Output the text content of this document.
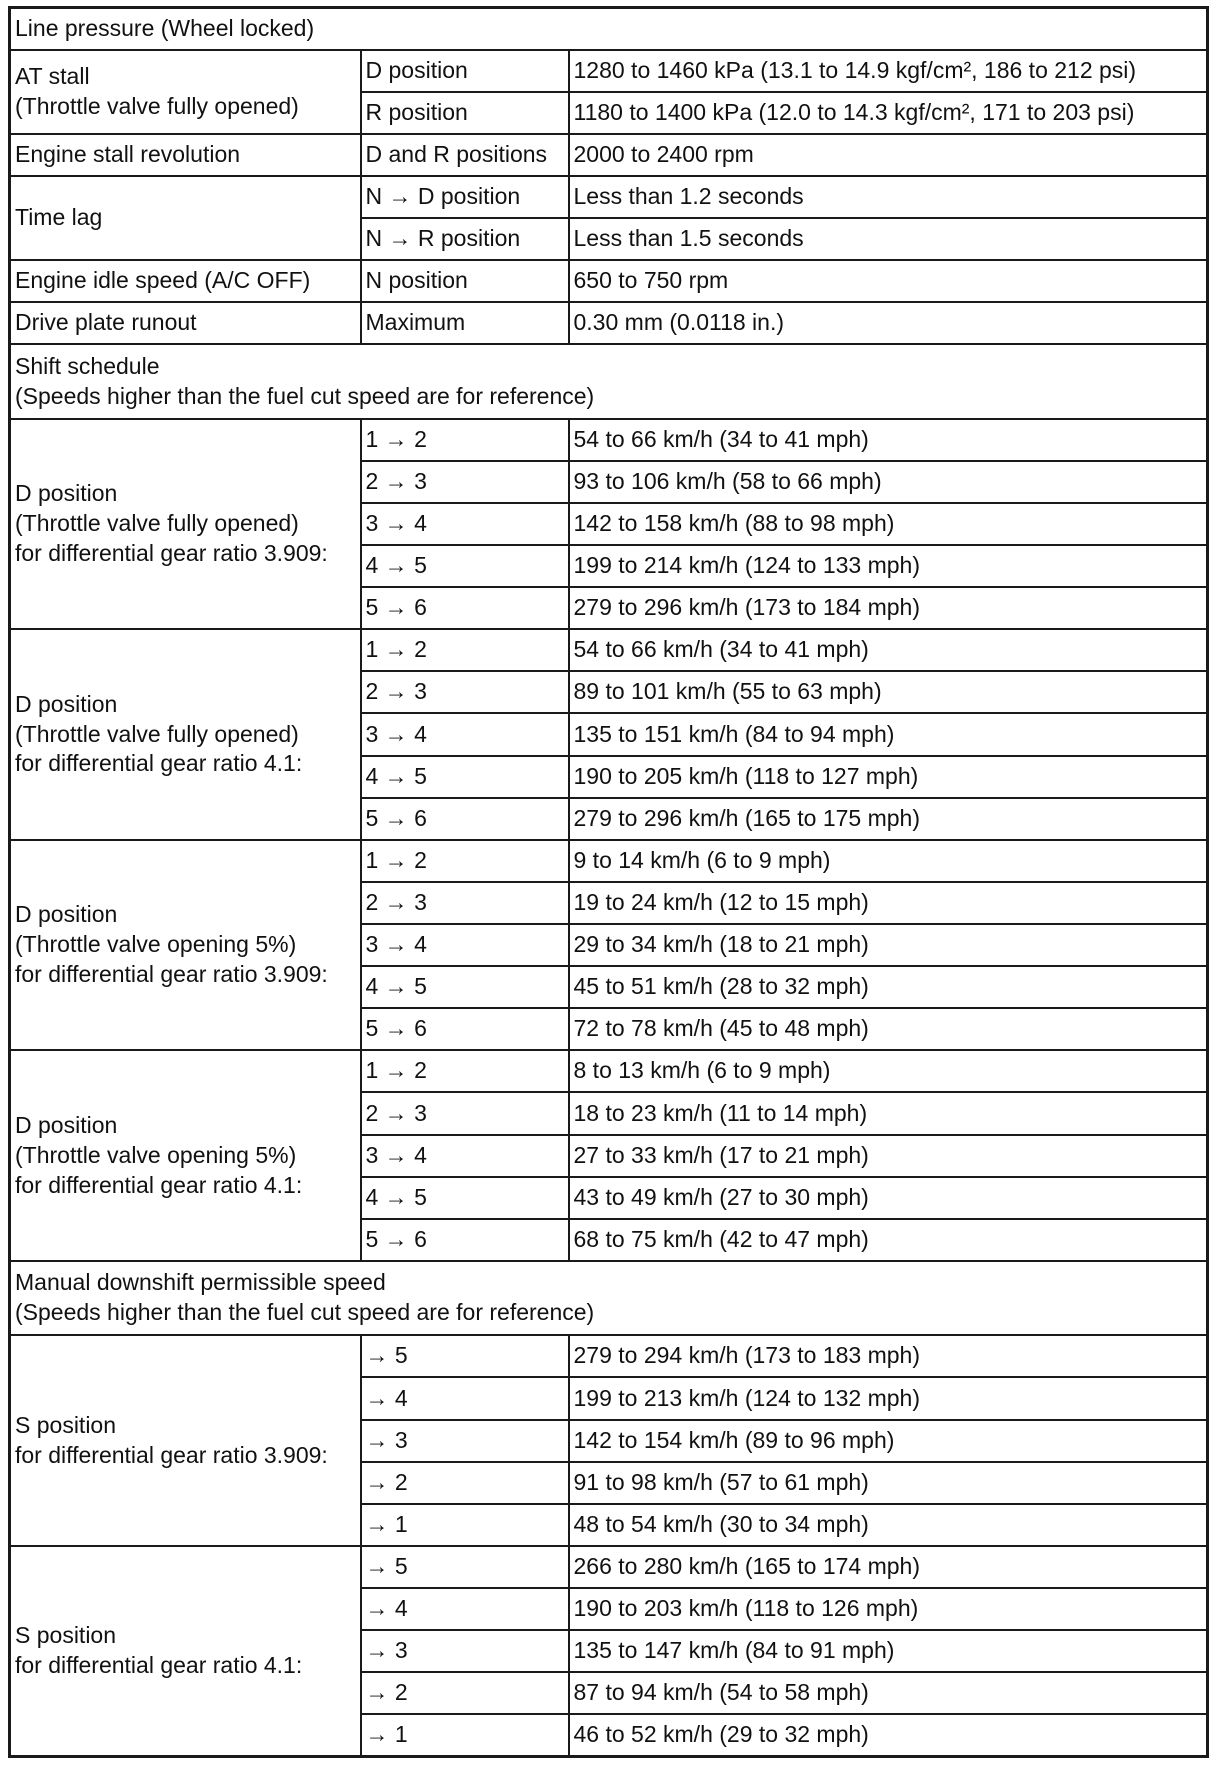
Line pressure (Wheel locked)		

AT stall
(Throttle valve fully opened)	D position	1280 to 1460 kPa (13.1 to 14.9 kgf/cm², 186 to 212 psi)
	R position	1180 to 1400 kPa (12.0 to 14.3 kgf/cm², 171 to 203 psi)
Engine stall revolution	D and R positions	2000 to 2400 rpm
Time lag	N → D position	Less than 1.2 seconds
	N → R position	Less than 1.5 seconds
Engine idle speed (A/C OFF)	N position	650 to 750 rpm
Drive plate runout	Maximum	0.30 mm (0.0118 in.)

Shift schedule
(Speeds higher than the fuel cut speed are for reference)		

D position
(Throttle valve fully opened)
for differential gear ratio 3.909:	1 → 2	54 to 66 km/h (34 to 41 mph)
	2 → 3	93 to 106 km/h (58 to 66 mph)
	3 → 4	142 to 158 km/h (88 to 98 mph)
	4 → 5	199 to 214 km/h (124 to 133 mph)
	5 → 6	279 to 296 km/h (173 to 184 mph)

D position
(Throttle valve fully opened)
for differential gear ratio 4.1:	1 → 2	54 to 66 km/h (34 to 41 mph)
	2 → 3	89 to 101 km/h (55 to 63 mph)
	3 → 4	135 to 151 km/h (84 to 94 mph)
	4 → 5	190 to 205 km/h (118 to 127 mph)
	5 → 6	279 to 296 km/h (165 to 175 mph)

D position
(Throttle valve opening 5%)
for differential gear ratio 3.909:	1 → 2	9 to 14 km/h (6 to 9 mph)
	2 → 3	19 to 24 km/h (12 to 15 mph)
	3 → 4	29 to 34 km/h (18 to 21 mph)
	4 → 5	45 to 51 km/h (28 to 32 mph)
	5 → 6	72 to 78 km/h (45 to 48 mph)

D position
(Throttle valve opening 5%)
for differential gear ratio 4.1:	1 → 2	8 to 13 km/h (6 to 9 mph)
	2 → 3	18 to 23 km/h (11 to 14 mph)
	3 → 4	27 to 33 km/h (17 to 21 mph)
	4 → 5	43 to 49 km/h (27 to 30 mph)
	5 → 6	68 to 75 km/h (42 to 47 mph)

Manual downshift permissible speed
(Speeds higher than the fuel cut speed are for reference)		

S position
for differential gear ratio 3.909:	→ 5	279 to 294 km/h (173 to 183 mph)
	→ 4	199 to 213 km/h (124 to 132 mph)
	→ 3	142 to 154 km/h (89 to 96 mph)
	→ 2	91 to 98 km/h (57 to 61 mph)
	→ 1	48 to 54 km/h (30 to 34 mph)

S position
for differential gear ratio 4.1:	→ 5	266 to 280 km/h (165 to 174 mph)
	→ 4	190 to 203 km/h (118 to 126 mph)
	→ 3	135 to 147 km/h (84 to 91 mph)
	→ 2	87 to 94 km/h (54 to 58 mph)
	→ 1	46 to 52 km/h (29 to 32 mph)
